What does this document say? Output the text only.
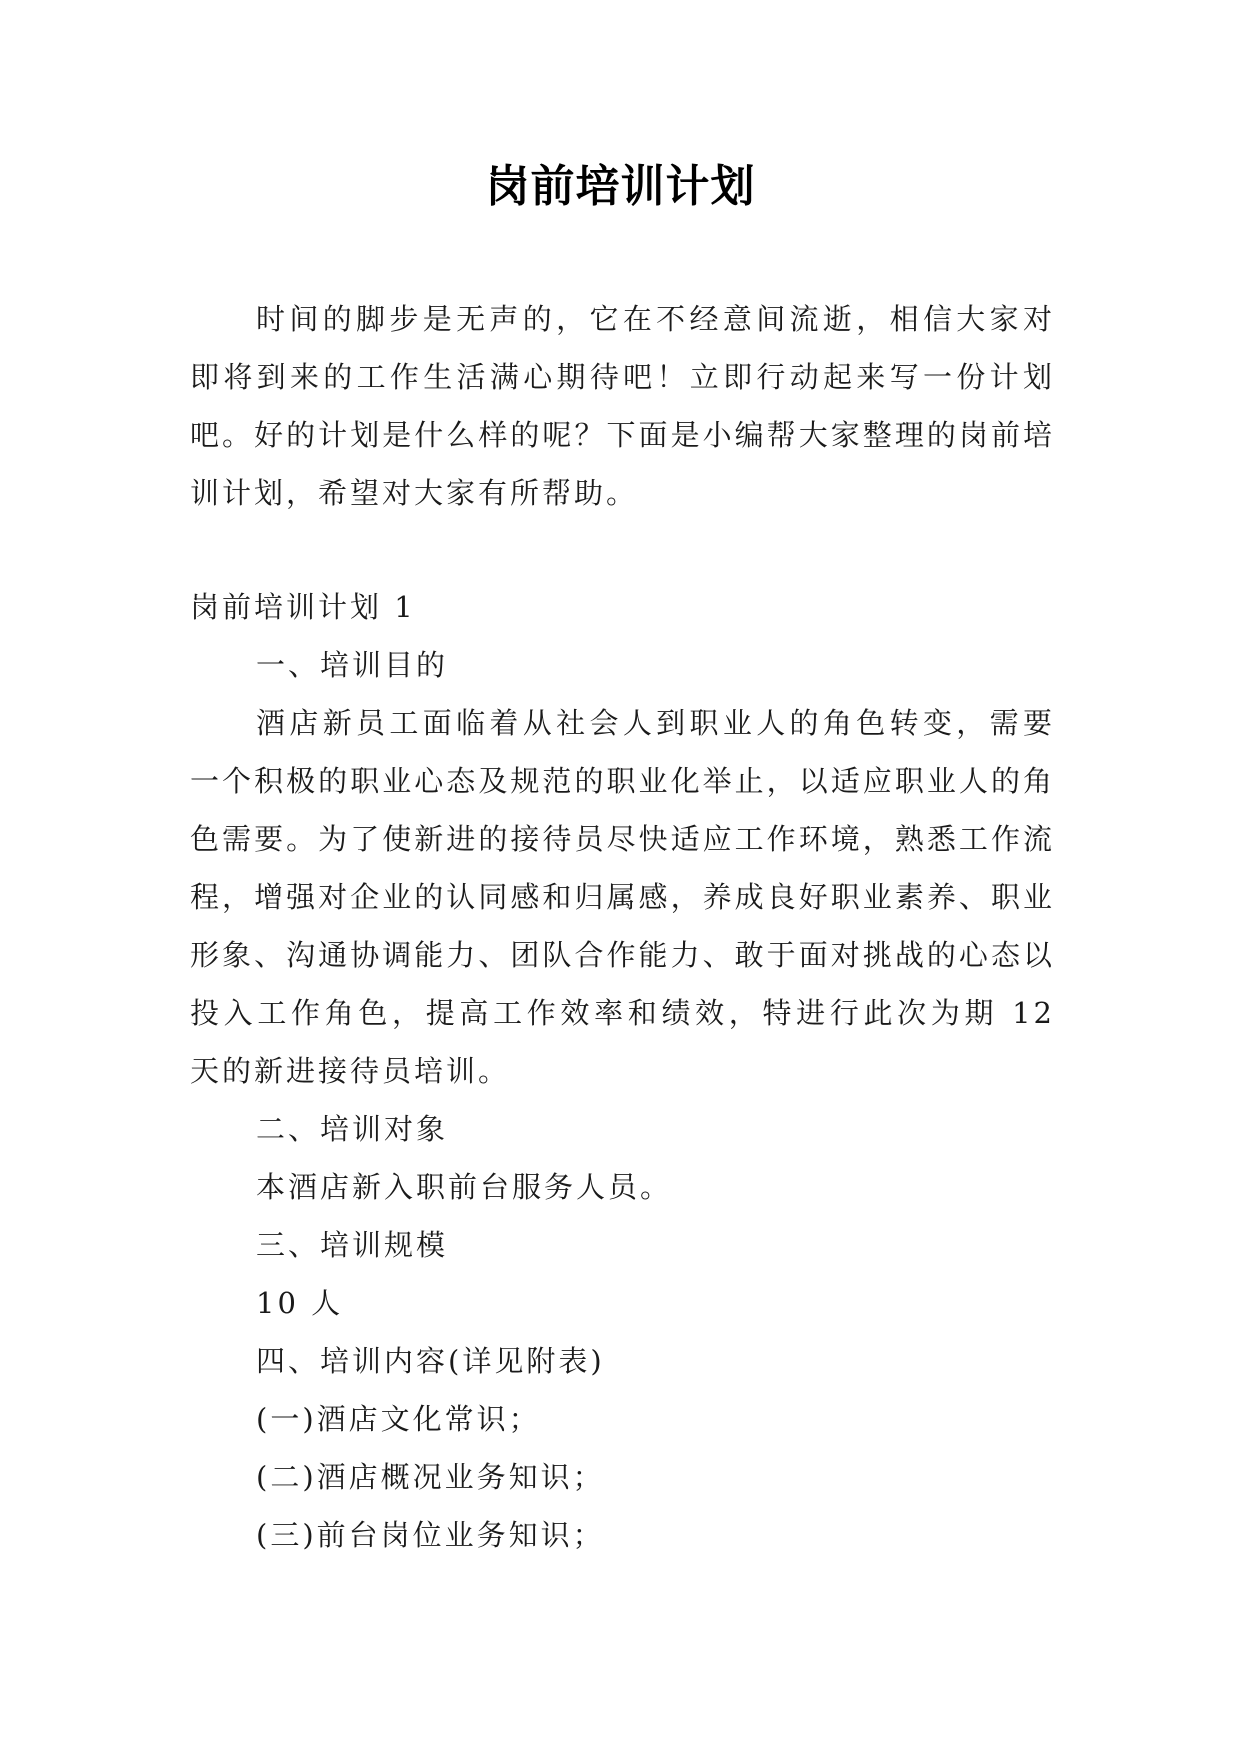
岗前培训计划

时间的脚步是无声的，它在不经意间流逝，相信大家对即将到来的工作生活满心期待吧！立即行动起来写一份计划吧。好的计划是什么样的呢？下面是小编帮大家整理的岗前培训计划，希望对大家有所帮助。

岗前培训计划 1

一、培训目的

酒店新员工面临着从社会人到职业人的角色转变，需要一个积极的职业心态及规范的职业化举止，以适应职业人的角色需要。为了使新进的接待员尽快适应工作环境，熟悉工作流程，增强对企业的认同感和归属感，养成良好职业素养、职业形象、沟通协调能力、团队合作能力、敢于面对挑战的心态以投入工作角色，提高工作效率和绩效，特进行此次为期 12 天的新进接待员培训。

二、培训对象

本酒店新入职前台服务人员。

三、培训规模

10 人

四、培训内容(详见附表)

(一)酒店文化常识；

(二)酒店概况业务知识；

(三)前台岗位业务知识；
